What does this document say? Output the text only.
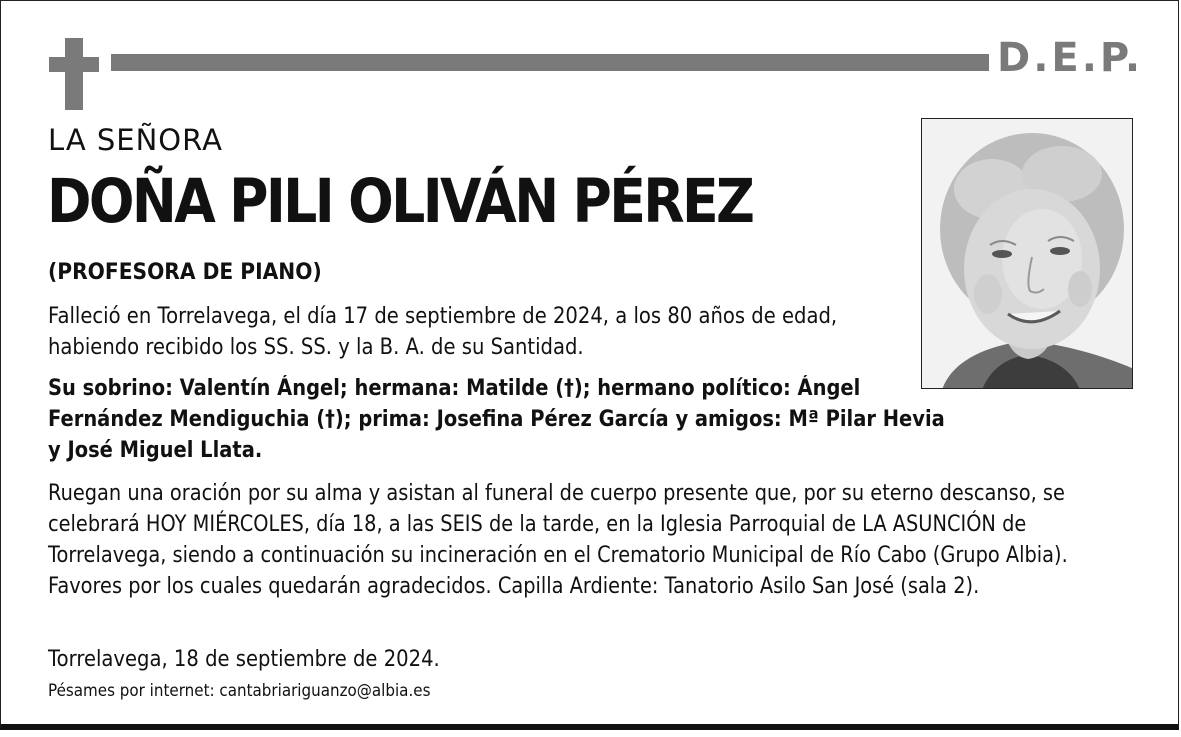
D.E.P.
LA SEÑORA
DOÑA PILI OLIVÁN PÉREZ
(PROFESORA DE PIANO)
Falleció en Torrelavega, el día 17 de septiembre de 2024, a los 80 años de edad, habiendo recibido los SS. SS. y la B. A. de su Santidad.
Su sobrino: Valentín Ángel; hermana: Matilde (†); hermano político: Ángel Fernández Mendiguchia (†); prima: Josefina Pérez García y amigos: Mª Pilar Hevia y José Miguel Llata.
Ruegan una oración por su alma y asistan al funeral de cuerpo presente que, por su eterno descanso, se celebrará HOY MIÉRCOLES, día 18, a las SEIS de la tarde, en la Iglesia Parroquial de LA ASUNCIÓN de Torrelavega, siendo a continuación su incineración en el Crematorio Municipal de Río Cabo (Grupo Albia). Favores por los cuales quedarán agradecidos. Capilla Ardiente: Tanatorio Asilo San José (sala 2).
Torrelavega, 18 de septiembre de 2024.
Pésames por internet: cantabriariguanzo@albia.es
